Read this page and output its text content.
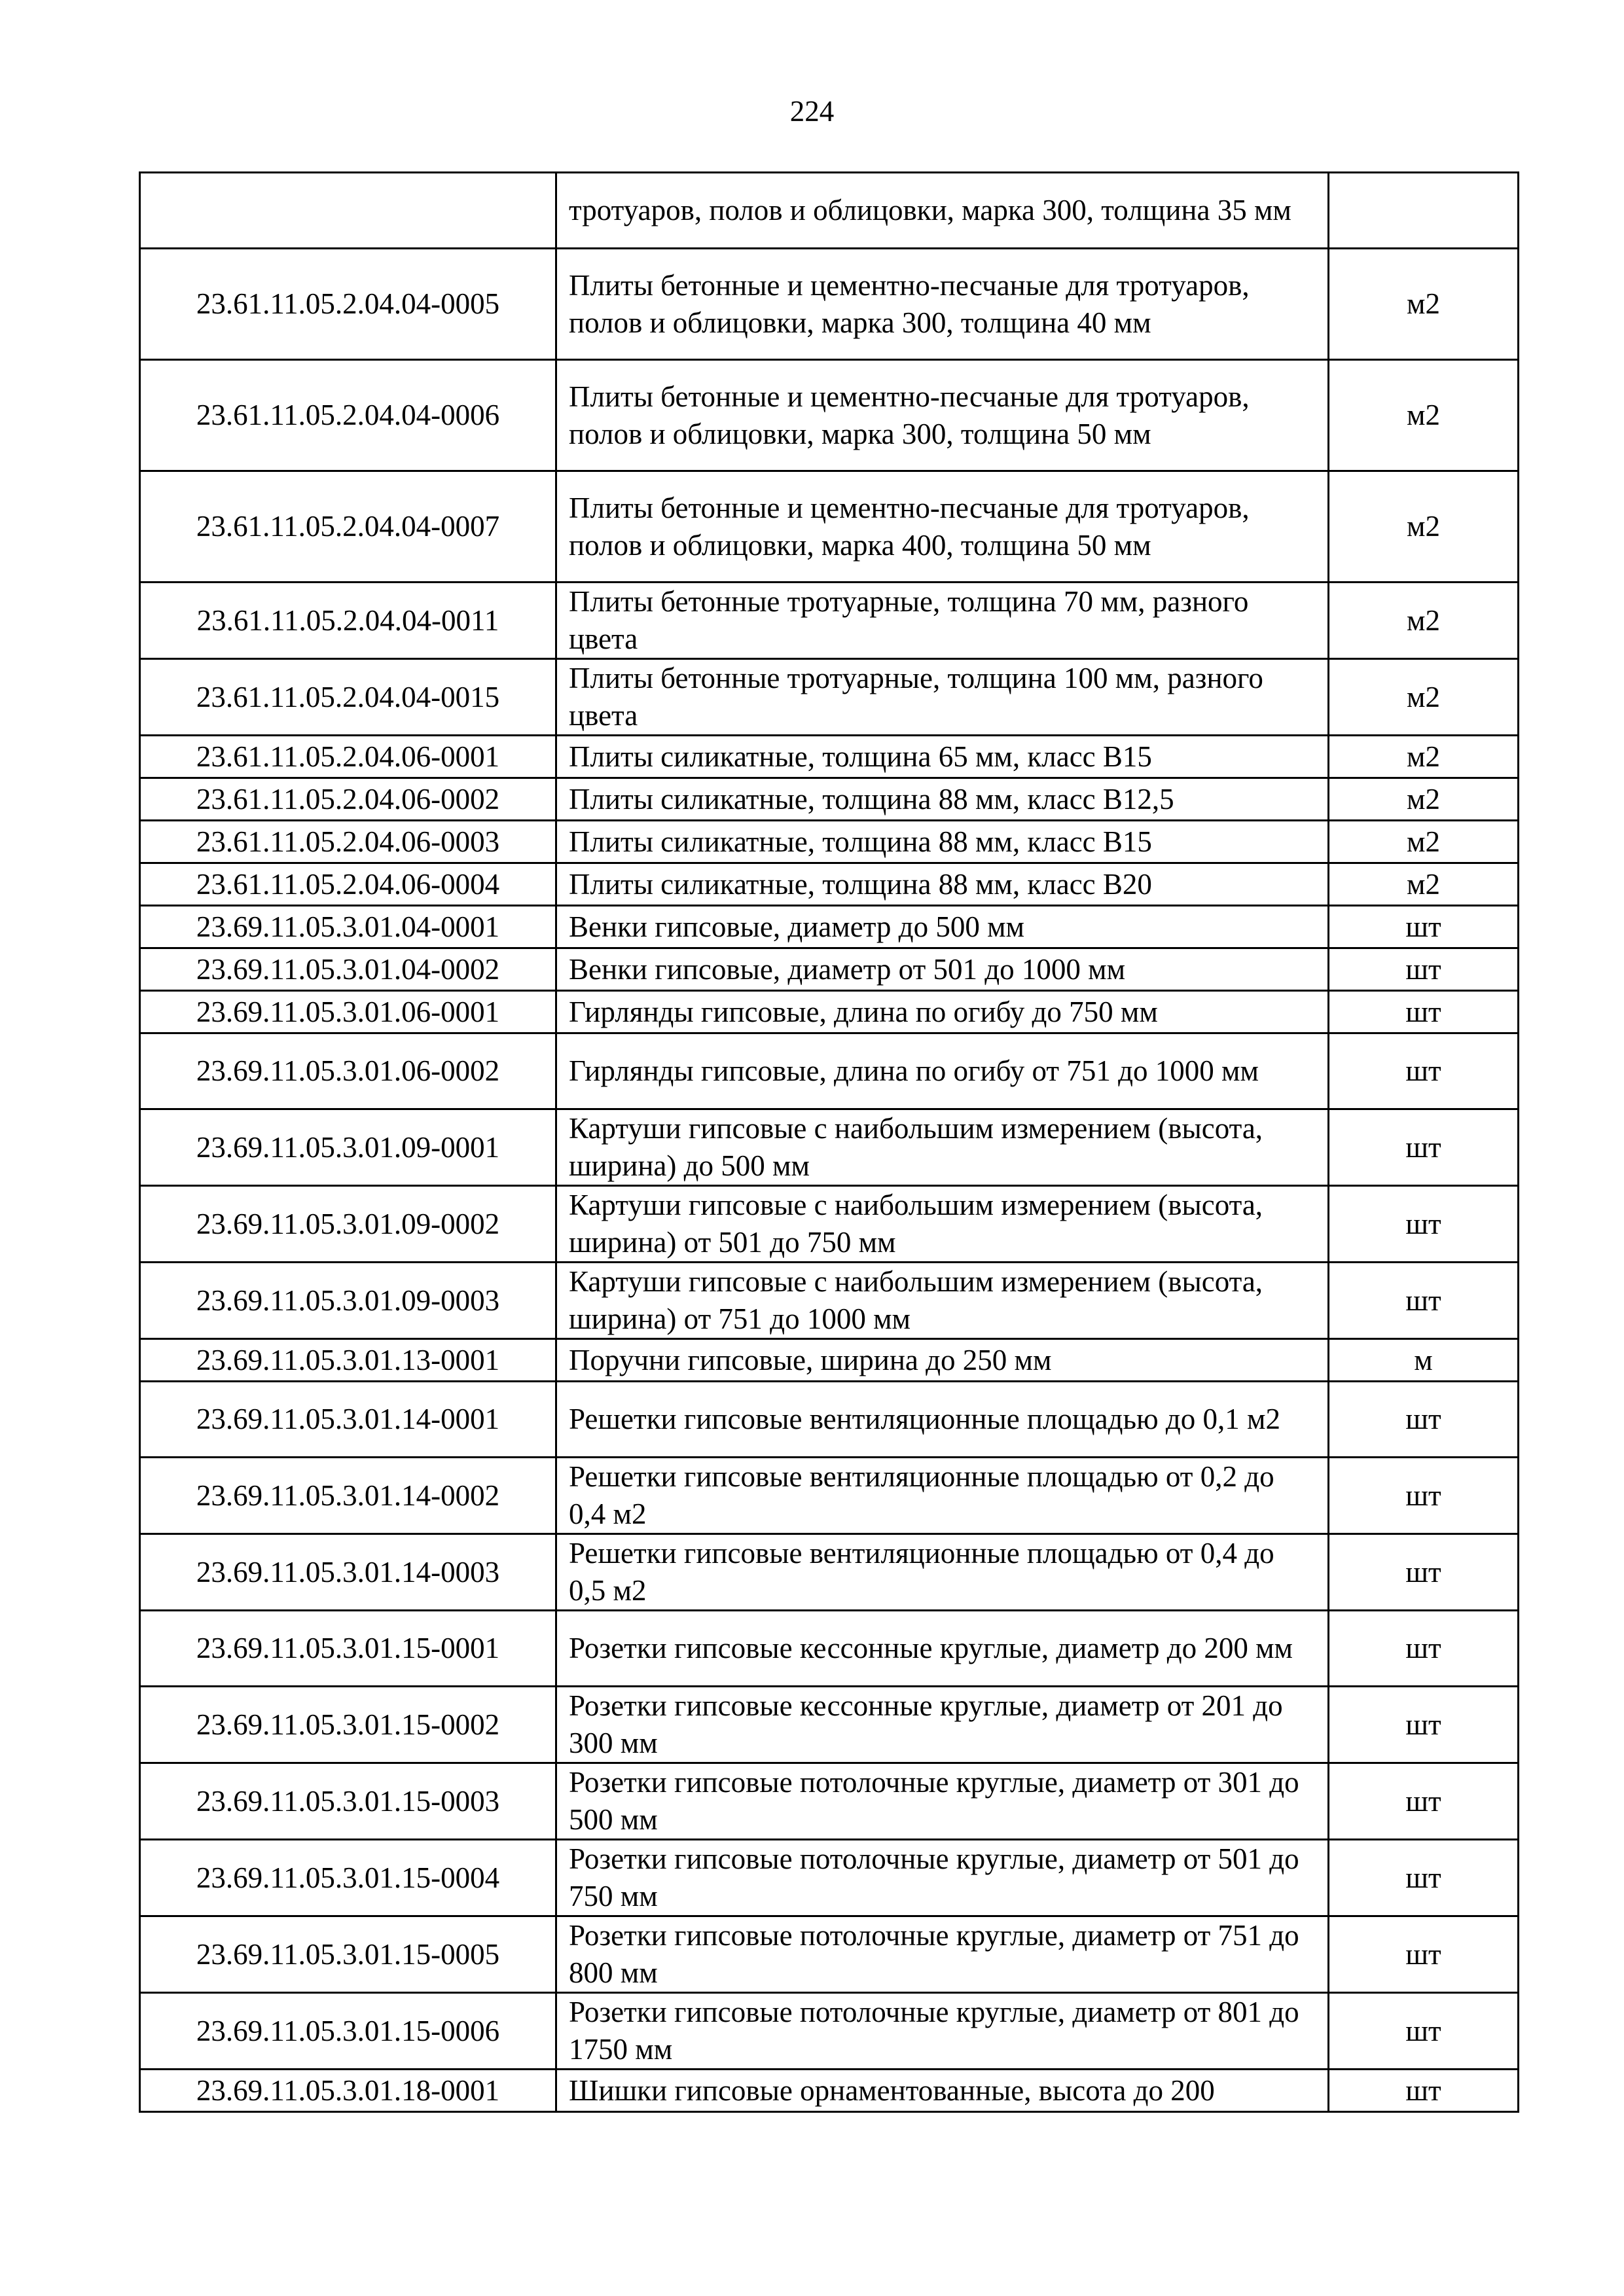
224
	тротуаров, полов и облицовки, марка 300, толщина 35 мм	
23.61.11.05.2.04.04-0005	Плиты бетонные и цементно-песчаные для тротуаров, полов и облицовки, марка 300, толщина 40 мм	м2
23.61.11.05.2.04.04-0006	Плиты бетонные и цементно-песчаные для тротуаров, полов и облицовки, марка 300, толщина 50 мм	м2
23.61.11.05.2.04.04-0007	Плиты бетонные и цементно-песчаные для тротуаров, полов и облицовки, марка 400, толщина 50 мм	м2
23.61.11.05.2.04.04-0011	Плиты бетонные тротуарные, толщина 70 мм, разного цвета	м2
23.61.11.05.2.04.04-0015	Плиты бетонные тротуарные, толщина 100 мм, разного цвета	м2
23.61.11.05.2.04.06-0001	Плиты силикатные, толщина 65 мм, класс В15	м2
23.61.11.05.2.04.06-0002	Плиты силикатные, толщина 88 мм, класс В12,5	м2
23.61.11.05.2.04.06-0003	Плиты силикатные, толщина 88 мм, класс В15	м2
23.61.11.05.2.04.06-0004	Плиты силикатные, толщина 88 мм, класс В20	м2
23.69.11.05.3.01.04-0001	Венки гипсовые, диаметр до 500 мм	шт
23.69.11.05.3.01.04-0002	Венки гипсовые, диаметр от 501 до 1000 мм	шт
23.69.11.05.3.01.06-0001	Гирлянды гипсовые, длина по огибу до 750 мм	шт
23.69.11.05.3.01.06-0002	Гирлянды гипсовые, длина по огибу от 751 до 1000 мм	шт
23.69.11.05.3.01.09-0001	Картуши гипсовые с наибольшим измерением (высота, ширина) до 500 мм	шт
23.69.11.05.3.01.09-0002	Картуши гипсовые с наибольшим измерением (высота, ширина) от 501 до 750 мм	шт
23.69.11.05.3.01.09-0003	Картуши гипсовые с наибольшим измерением (высота, ширина) от 751 до 1000 мм	шт
23.69.11.05.3.01.13-0001	Поручни гипсовые, ширина до 250 мм	м
23.69.11.05.3.01.14-0001	Решетки гипсовые вентиляционные площадью до 0,1 м2	шт
23.69.11.05.3.01.14-0002	Решетки гипсовые вентиляционные площадью от 0,2 до 0,4 м2	шт
23.69.11.05.3.01.14-0003	Решетки гипсовые вентиляционные площадью от 0,4 до 0,5 м2	шт
23.69.11.05.3.01.15-0001	Розетки гипсовые кессонные круглые, диаметр до 200 мм	шт
23.69.11.05.3.01.15-0002	Розетки гипсовые кессонные круглые, диаметр от 201 до 300 мм	шт
23.69.11.05.3.01.15-0003	Розетки гипсовые потолочные круглые, диаметр от 301 до 500 мм	шт
23.69.11.05.3.01.15-0004	Розетки гипсовые потолочные круглые, диаметр от 501 до 750 мм	шт
23.69.11.05.3.01.15-0005	Розетки гипсовые потолочные круглые, диаметр от 751 до 800 мм	шт
23.69.11.05.3.01.15-0006	Розетки гипсовые потолочные круглые, диаметр от 801 до 1750 мм	шт
23.69.11.05.3.01.18-0001	Шишки гипсовые орнаментованные, высота до 200	шт
